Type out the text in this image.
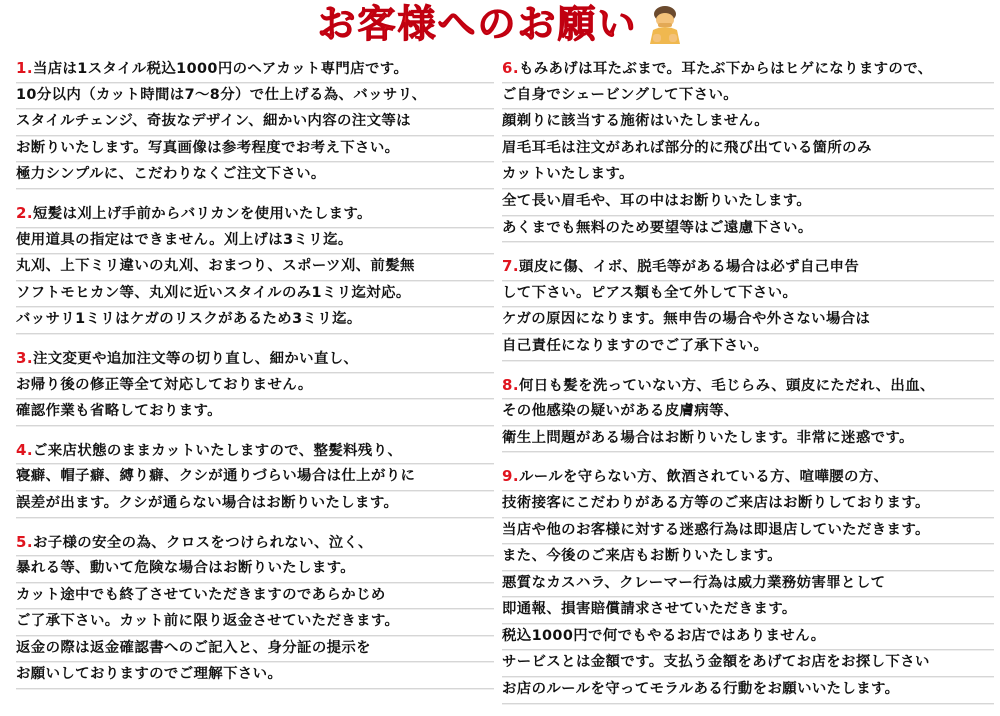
お客様へのお願い
1.当店は1スタイル税込1000円のヘアカット専門店です。
10分以内（カット時間は7〜8分）で仕上げる為、バッサリ、
スタイルチェンジ、奇抜なデザイン、細かい内容の注文等は
お断りいたします。写真画像は参考程度でお考え下さい。
極力シンプルに、こだわりなくご注文下さい。
2.短髪は刈上げ手前からバリカンを使用いたします。
使用道具の指定はできません。刈上げは3ミリ迄。
丸刈、上下ミリ違いの丸刈、おまつり、スポーツ刈、前髪無
ソフトモヒカン等、丸刈に近いスタイルのみ1ミリ迄対応。
バッサリ1ミリはケガのリスクがあるため3ミリ迄。
3.注文変更や追加注文等の切り直し、細かい直し、
お帰り後の修正等全て対応しておりません。
確認作業も省略しております。
4.ご来店状態のままカットいたしますので、整髪料残り、
寝癖、帽子癖、縛り癖、クシが通りづらい場合は仕上がりに
誤差が出ます。クシが通らない場合はお断りいたします。
5.お子様の安全の為、クロスをつけられない、泣く、
暴れる等、動いて危険な場合はお断りいたします。
カット途中でも終了させていただきますのであらかじめ
ご了承下さい。カット前に限り返金させていただきます。
返金の際は返金確認書へのご記入と、身分証の提示を
お願いしておりますのでご理解下さい。
6.もみあげは耳たぶまで。耳たぶ下からはヒゲになりますので、
ご自身でシェービングして下さい。
顔剃りに該当する施術はいたしません。
眉毛耳毛は注文があれば部分的に飛び出ている箇所のみ
カットいたします。
全て長い眉毛や、耳の中はお断りいたします。
あくまでも無料のため要望等はご遠慮下さい。
7.頭皮に傷、イボ、脱毛等がある場合は必ず自己申告
して下さい。ピアス類も全て外して下さい。
ケガの原因になります。無申告の場合や外さない場合は
自己責任になりますのでご了承下さい。
8.何日も髪を洗っていない方、毛じらみ、頭皮にただれ、出血、
その他感染の疑いがある皮膚病等、
衛生上問題がある場合はお断りいたします。非常に迷惑です。
9.ルールを守らない方、飲酒されている方、喧嘩腰の方、
技術接客にこだわりがある方等のご来店はお断りしております。
当店や他のお客様に対する迷惑行為は即退店していただきます。
また、今後のご来店もお断りいたします。
悪質なカスハラ、クレーマー行為は威力業務妨害罪として
即通報、損害賠償請求させていただきます。
税込1000円で何でもやるお店ではありません。
サービスとは金額です。支払う金額をあげてお店をお探し下さい
お店のルールを守ってモラルある行動をお願いいたします。
